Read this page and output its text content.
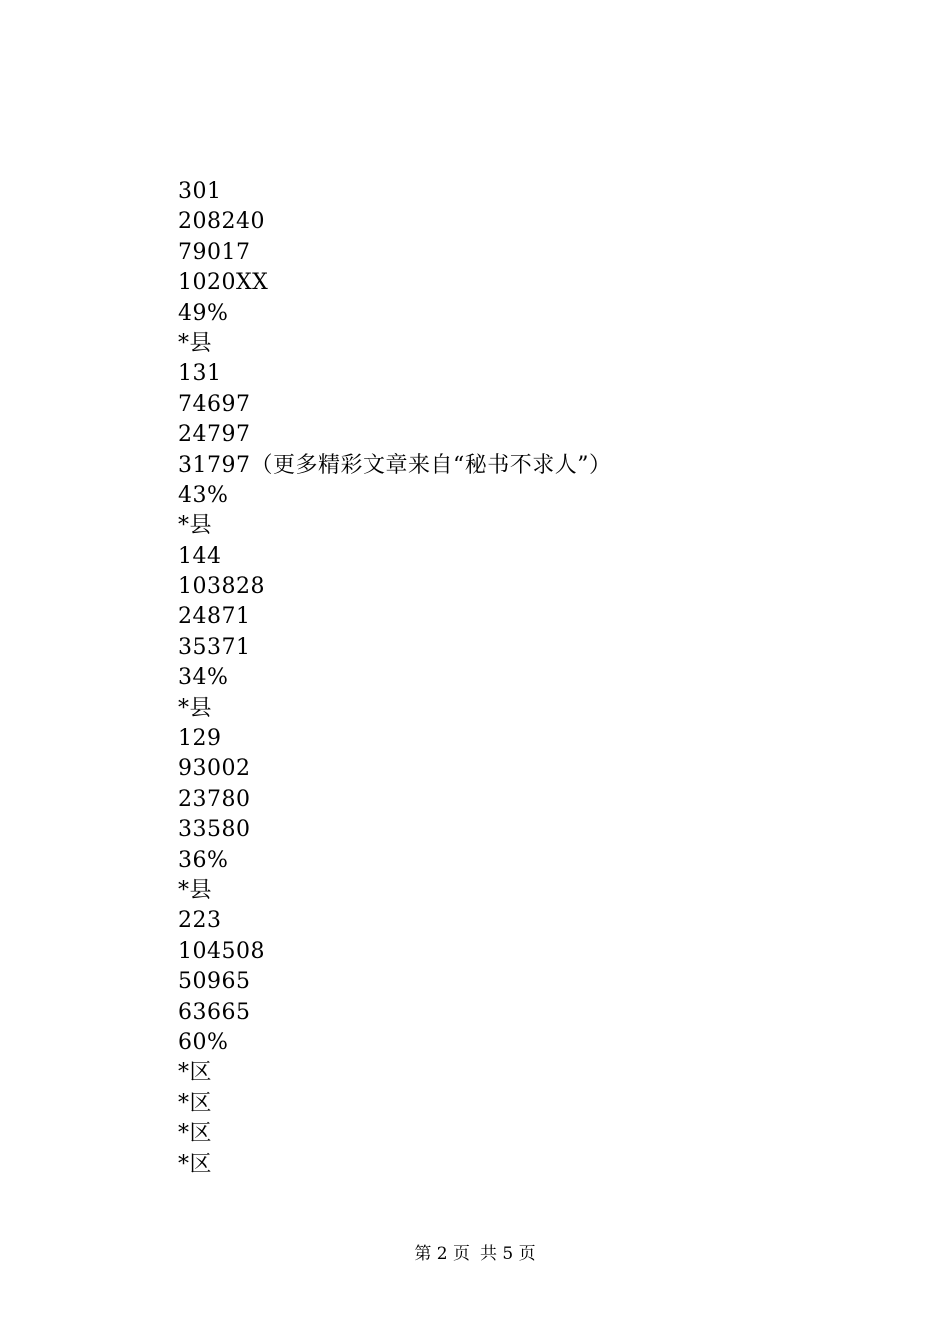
301
208240
79017
1020XX
49%
*县
131
74697
24797
31797（更多精彩文章来自“秘书不求人”）
43%
*县
144
103828
24871
35371
34%
*县
129
93002
23780
33580
36%
*县
223
104508
50965
63665
60%
*区
*区
*区
*区
第 2 页 共 5 页
